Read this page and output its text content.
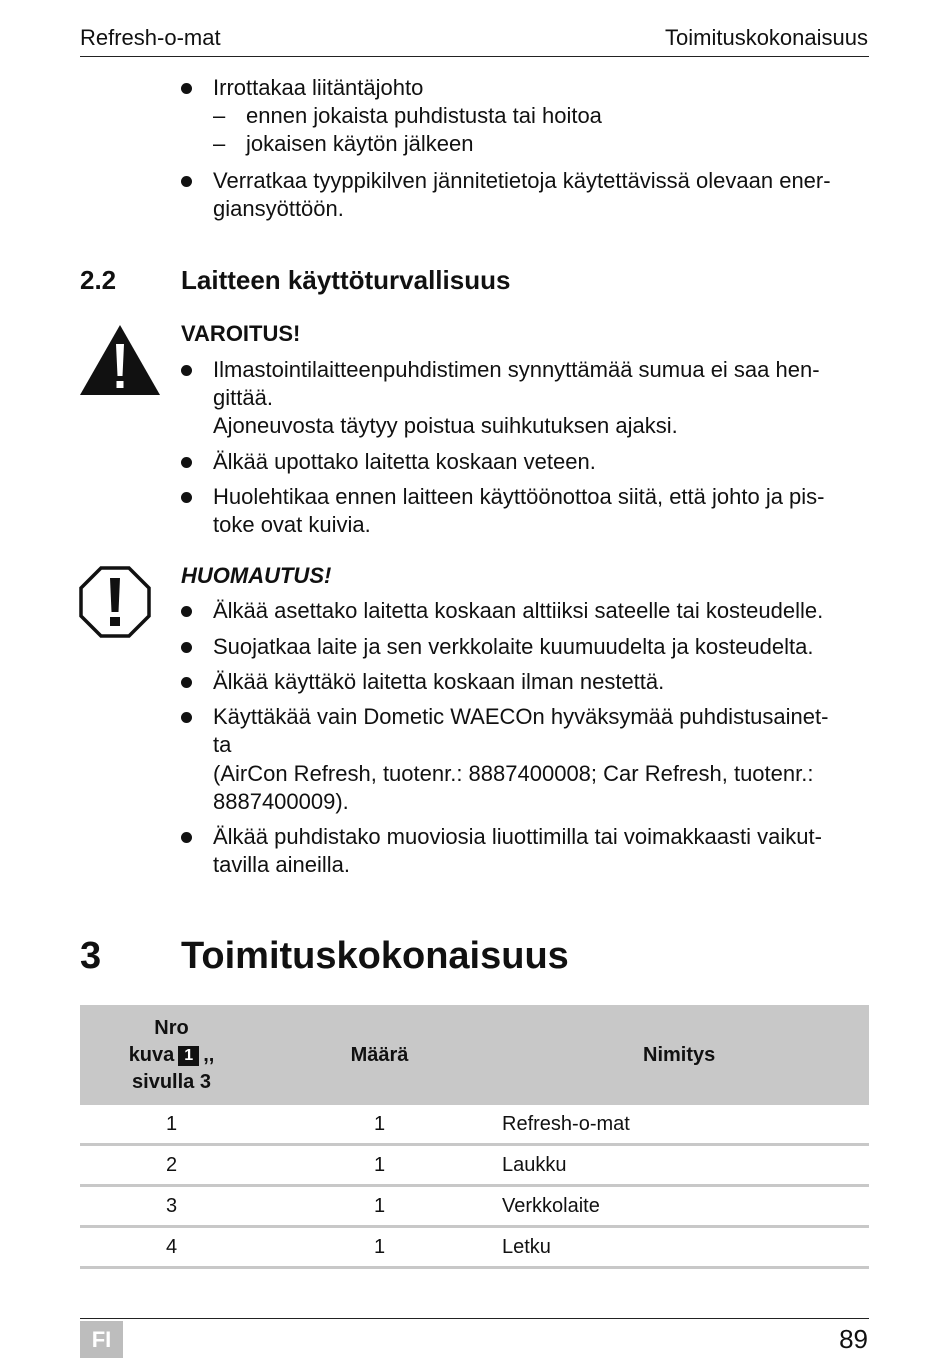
Refresh-o-mat	Toimituskokonaisuus
Irrottakaa liitäntäjohto
– ennen jokaista puhdistusta tai hoitoa
– jokaisen käytön jälkeen
Verratkaa tyyppikilven jännitetietoja käytettävissä olevaan ener-
giansyöttöön.
2.2 Laitteen käyttöturvallisuus
VAROITUS!
Ilmastointilaitteenpuhdistimen synnyttämää sumua ei saa hen-
gittää.
Ajoneuvosta täytyy poistua suihkutuksen ajaksi.
Älkää upottako laitetta koskaan veteen.
Huolehtikaa ennen laitteen käyttöönottoa siitä, että johto ja pis-
toke ovat kuivia.
HUOMAUTUS!
Älkää asettako laitetta koskaan alttiiksi sateelle tai kosteudelle.
Suojatkaa laite ja sen verkkolaite kuumuudelta ja kosteudelta.
Älkää käyttäkö laitetta koskaan ilman nestettä.
Käyttäkää vain Dometic WAECOn hyväksymää puhdistusainet-
ta
(AirCon Refresh, tuotenr.: 8887400008; Car Refresh, tuotenr.:
8887400009).
Älkää puhdistako muoviosia liuottimilla tai voimakkaasti vaikut-
tavilla aineilla.
3 Toimituskokonaisuus
Nro
kuva 1 ,,
sivulla 3	Määrä	Nimitys
1	1	Refresh-o-mat
2	1	Laukku
3	1	Verkkolaite
4	1	Letku
FI	89
